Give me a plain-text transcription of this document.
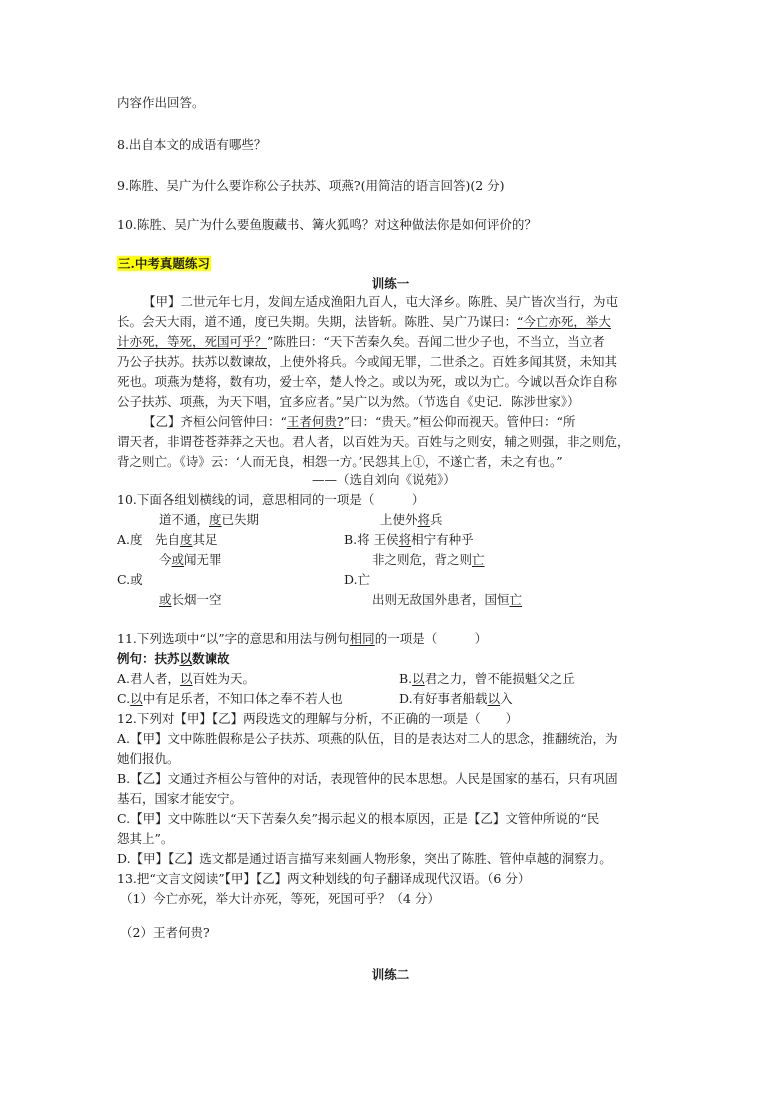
内容作出回答。
8.出自本文的成语有哪些？
9.陈胜、吴广为什么要诈称公子扶苏、项燕?(用简洁的语言回答)(2 分)
10.陈胜、吴广为什么要鱼腹藏书、篝火狐鸣？对这种做法你是如何评价的？
三.中考真题练习
训练一
【甲】二世元年七月，发闾左适戍渔阳九百人，屯大泽乡。陈胜、吴广皆次当行，为屯
长。会天大雨，道不通，度已失期。失期，法皆斩。陈胜、吴广乃谋曰：“今亡亦死，举大
计亦死，等死，死国可乎？”陈胜曰：“天下苦秦久矣。吾闻二世少子也，不当立，当立者
乃公子扶苏。扶苏以数谏故，上使外将兵。今或闻无罪，二世杀之。百姓多闻其贤，未知其
死也。项燕为楚将，数有功，爱士卒，楚人怜之。或以为死，或以为亡。今诚以吾众诈自称
公子扶苏、项燕，为天下唱，宜多应者。”吴广以为然。（节选自《史记．陈涉世家》）
【乙】齐桓公问管仲曰：“王者何贵?”曰：“贵天。”桓公仰而视天。管仲曰：“所
谓天者，非谓苍苍莽莽之天也。君人者，以百姓为天。百姓与之则安，辅之则强，非之则危，
背之则亡。《诗》云：‘人而无良，相怨一方。’民怨其上①，不遂亡者，未之有也。”
——（选自刘向《说苑》）
10.下面各组划横线的词，意思相同的一项是（　　　）
道不通，度已失期	上使外将兵
A.度　先自度其足	B.将 王侯将相宁有种乎
今或闻无罪	非之则危，背之则亡
C.或	D.亡
或长烟一空	出则无敌国外患者，国恒亡
11.下列选项中“以”字的意思和用法与例句相同的一项是（　　　）
例句：扶苏以数谏故
A.君人者，以百姓为天。	B.以君之力，曾不能损魁父之丘
C.以中有足乐者，不知口体之奉不若人也	D.有好事者船载以入
12.下列对【甲】【乙】两段选文的理解与分析，不正确的一项是（　　）
A.【甲】文中陈胜假称是公子扶苏、项燕的队伍，目的是表达对二人的思念，推翻统治，为
她们报仇。
B.【乙】文通过齐桓公与管仲的对话，表现管仲的民本思想。人民是国家的基石，只有巩固
基石，国家才能安宁。
C.【甲】文中陈胜以“天下苦秦久矣”揭示起义的根本原因，正是【乙】文管仲所说的“民
怨其上”。
D.【甲】【乙】选文都是通过语言描写来刻画人物形象，突出了陈胜、管仲卓越的洞察力。
13.把“文言文阅读”【甲】【乙】两文种划线的句子翻译成现代汉语。（6 分）
（1）今亡亦死，举大计亦死，等死，死国可乎？（4 分）
（2）王者何贵?
训练二
